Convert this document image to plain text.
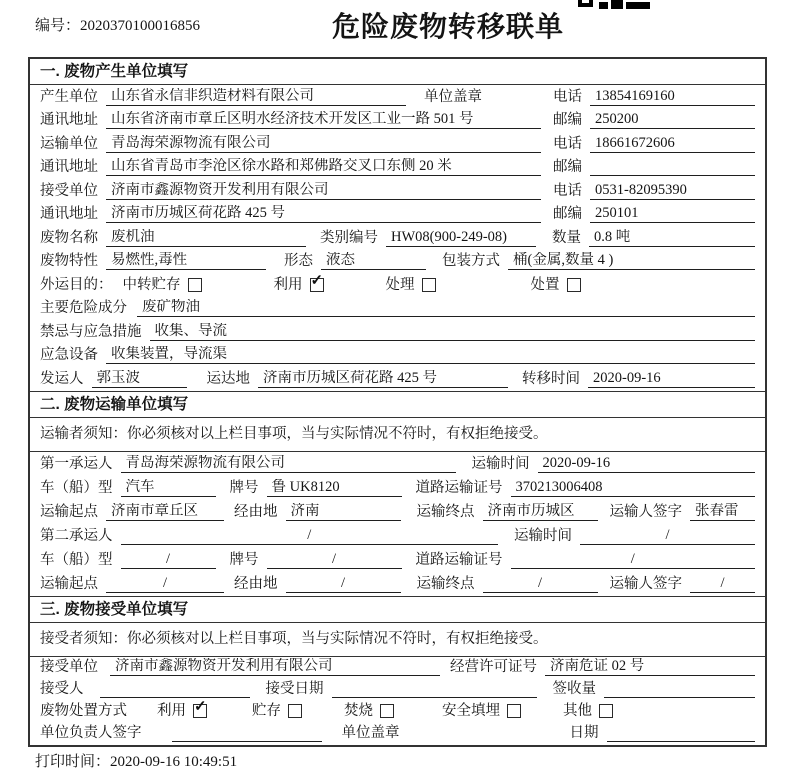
编号：2020370100016856	危险废物转移联单
一. 废物产生单位填写
产生单位 山东省永信非织造材料有限公司	单位盖章	电话 13854169160
通讯地址 山东省济南市章丘区明水经济技术开发区工业一路 501 号	邮编 250200
运输单位 青岛海荣源物流有限公司	电话 18661672606
通讯地址 山东省青岛市李沧区徐水路和郑佛路交叉口东侧 20 米	邮编
接受单位 济南市鑫源物资开发利用有限公司	电话 0531-82095390
通讯地址 济南市历城区荷花路 425 号	邮编 250101
废物名称 废机油	类别编号 HW08(900-249-08)	数量 0.8 吨
废物特性 易燃性,毒性	形态 液态	包装方式 桶(金属,数量 4 )
外运目的： 中转贮存	利用 ✓	处理	处置
主要危险成分	废矿物油
禁忌与应急措施 收集、导流
应急设备 收集装置，导流渠
发运人 郭玉波	运达地 济南市历城区荷花路 425 号	转移时间 2020-09-16
二. 废物运输单位填写
运输者须知：你必须核对以上栏目事项，当与实际情况不符时，有权拒绝接受。
第一承运人 青岛海荣源物流有限公司	运输时间 2020-09-16
车（船）型 汽车	牌号 鲁 UK8120	道路运输证号 370213006408
运输起点 济南市章丘区	经由地 济南	运输终点 济南市历城区	运输人签字 张春雷
第二承运人	/	运输时间	/
车（船）型	/	牌号	/	道路运输证号	/
运输起点	/	经由地	/	运输终点	/	运输人签字	/
三. 废物接受单位填写
接受者须知：你必须核对以上栏目事项，当与实际情况不符时，有权拒绝接受。
接受单位	济南市鑫源物资开发利用有限公司	经营许可证号 济南危证 02 号
接受人	接受日期	签收量
废物处置方式 利用 ✓	贮存	焚烧	安全填埋	其他
单位负责人签字	单位盖章	日期
打印时间：2020-09-16 10:49:51
